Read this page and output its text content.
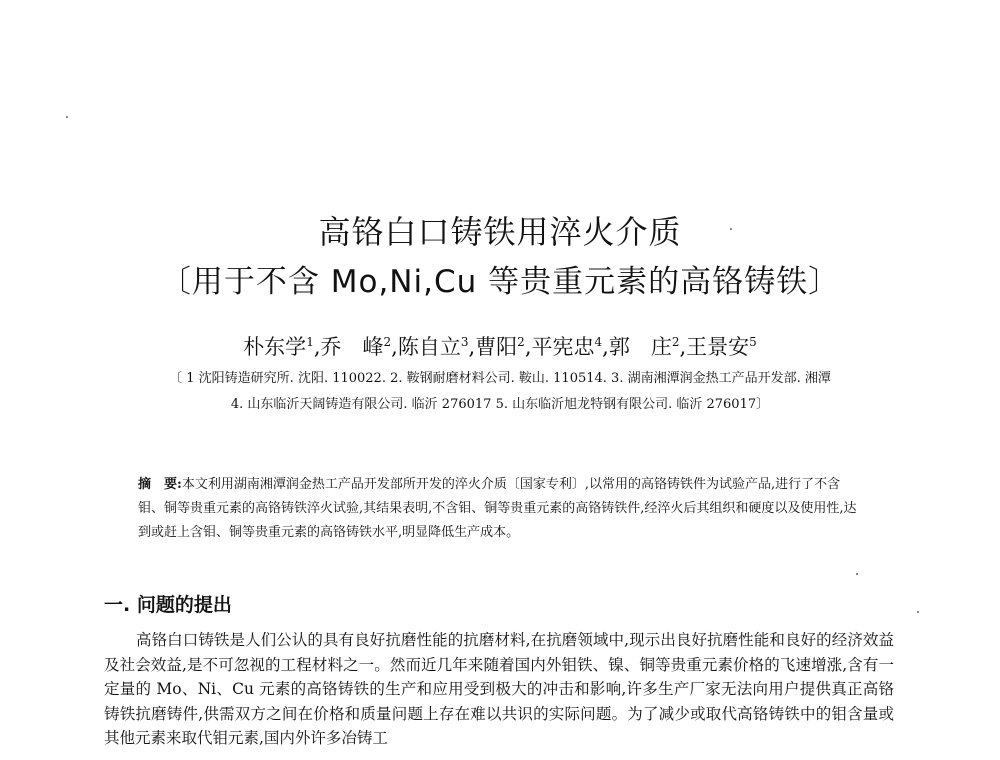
高铬白口铸铁用淬火介质
〔用于不含 Mo,Ni,Cu 等贵重元素的高铬铸铁〕
朴东学$^1$,乔　峰$^2$,陈自立$^3$,曹阳$^2$,平宪忠$^4$,郭　庄$^2$,王景安$^5$
〔 1 沈阳铸造研究所. 沈阳. 110022. 2. 鞍钢耐磨材料公司. 鞍山. 110514. 3. 湖南湘潭润金热工产品开发部. 湘潭
4. 山东临沂天阔铸造有限公司. 临沂 276017 5. 山东临沂旭龙特钢有限公司. 临沂 276017〕
摘　要:本文利用湖南湘潭润金热工产品开发部所开发的淬火介质〔国家专利〕,以常用的高铬铸铁件为试验产品,进行了不含钼、铜等贵重元素的高铬铸铁淬火试验,其结果表明,不含钼、铜等贵重元素的高铬铸铁件,经淬火后其组织和硬度以及使用性,达到或赶上含钼、铜等贵重元素的高铬铸铁水平,明显降低生产成本。
一. 问题的提出
高铬白口铸铁是人们公认的具有良好抗磨性能的抗磨材料,在抗磨领域中,现示出良好抗磨性能和良好的经济效益及社会效益,是不可忽视的工程材料之一。然而近几年来随着国内外钼铁、镍、铜等贵重元素价格的飞速增涨,含有一定量的 Mo、Ni、Cu 元素的高铬铸铁的生产和应用受到极大的冲击和影响,许多生产厂家无法向用户提供真正高铬铸铁抗磨铸件,供需双方之间在价格和质量问题上存在难以共识的实际问题。为了减少或取代高铬铸铁中的钼含量或其他元素来取代钼元素,国内外许多冶铸工
